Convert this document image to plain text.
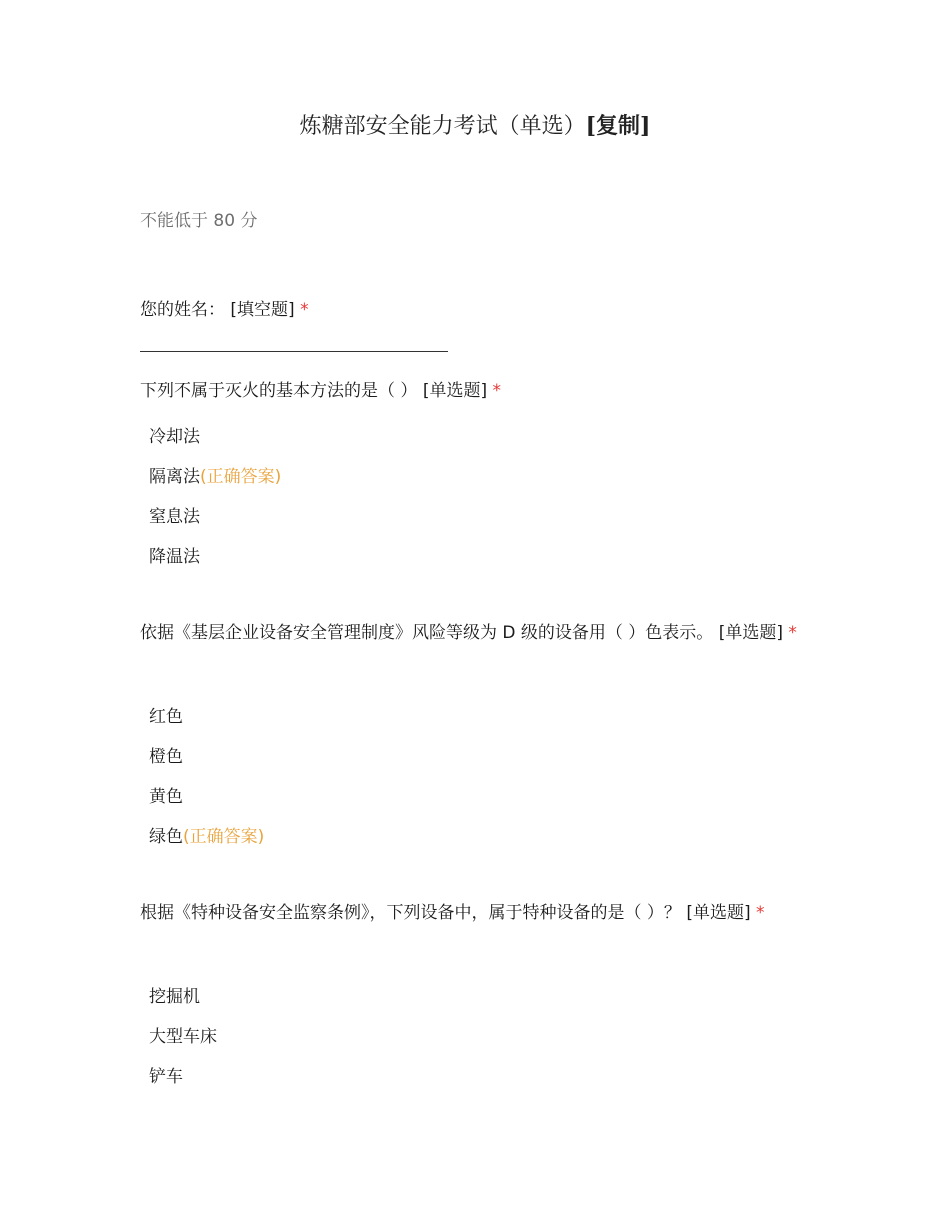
炼糖部安全能力考试（单选）[复制]
不能低于 80 分
您的姓名： [填空题] *
下列不属于灭火的基本方法的是（ ） [单选题] *
冷却法
隔离法(正确答案)
窒息法
降温法
依据《基层企业设备安全管理制度》风险等级为 D 级的设备用（ ）色表示。 [单选题] *
红色
橙色
黄色
绿色(正确答案)
根据《特种设备安全监察条例》，下列设备中，属于特种设备的是（ ）？ [单选题] *
挖掘机
大型车床
铲车
